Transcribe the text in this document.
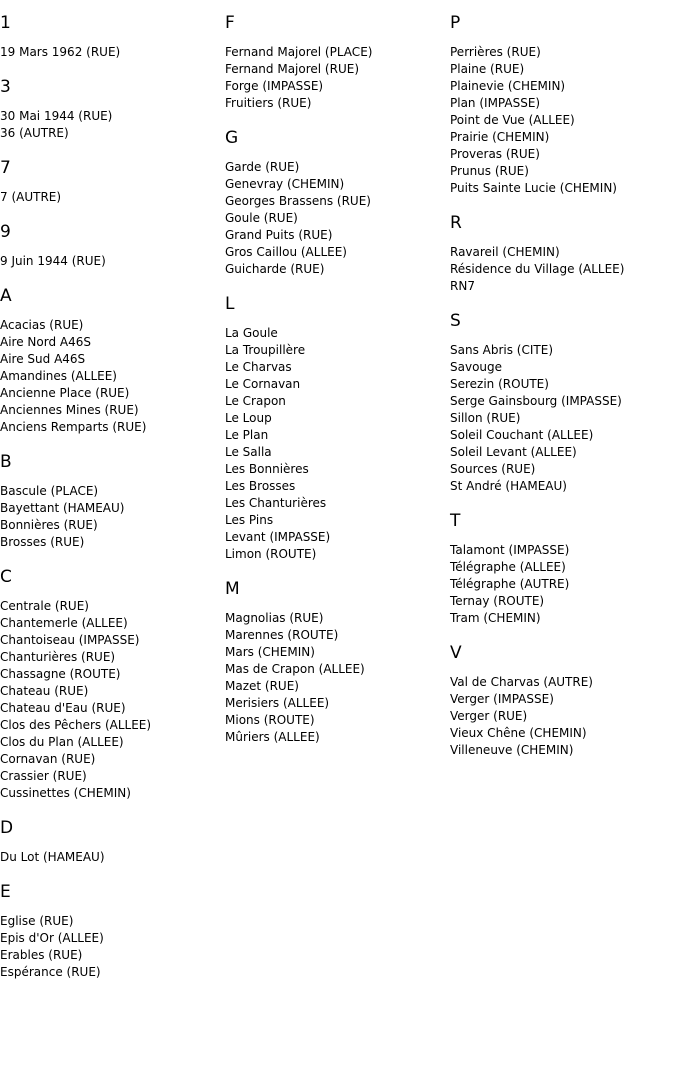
1
19 Mars 1962 (RUE)
3
30 Mai 1944 (RUE)
36 (AUTRE)
7
7 (AUTRE)
9
9 Juin 1944 (RUE)
A
Acacias (RUE)
Aire Nord A46S
Aire Sud A46S
Amandines (ALLEE)
Ancienne Place (RUE)
Anciennes Mines (RUE)
Anciens Remparts (RUE)
B
Bascule (PLACE)
Bayettant (HAMEAU)
Bonnières (RUE)
Brosses (RUE)
C
Centrale (RUE)
Chantemerle (ALLEE)
Chantoiseau (IMPASSE)
Chanturières (RUE)
Chassagne (ROUTE)
Chateau (RUE)
Chateau d'Eau (RUE)
Clos des Pêchers (ALLEE)
Clos du Plan (ALLEE)
Cornavan (RUE)
Crassier (RUE)
Cussinettes (CHEMIN)
D
Du Lot (HAMEAU)
E
Eglise (RUE)
Epis d'Or (ALLEE)
Erables (RUE)
Espérance (RUE)
F
Fernand Majorel (PLACE)
Fernand Majorel (RUE)
Forge (IMPASSE)
Fruitiers (RUE)
G
Garde (RUE)
Genevray (CHEMIN)
Georges Brassens (RUE)
Goule (RUE)
Grand Puits (RUE)
Gros Caillou (ALLEE)
Guicharde (RUE)
L
La Goule
La Troupillère
Le Charvas
Le Cornavan
Le Crapon
Le Loup
Le Plan
Le Salla
Les Bonnières
Les Brosses
Les Chanturières
Les Pins
Levant (IMPASSE)
Limon (ROUTE)
M
Magnolias (RUE)
Marennes (ROUTE)
Mars (CHEMIN)
Mas de Crapon (ALLEE)
Mazet (RUE)
Merisiers (ALLEE)
Mions (ROUTE)
Mûriers (ALLEE)
P
Perrières (RUE)
Plaine (RUE)
Plainevie (CHEMIN)
Plan (IMPASSE)
Point de Vue (ALLEE)
Prairie (CHEMIN)
Proveras (RUE)
Prunus (RUE)
Puits Sainte Lucie (CHEMIN)
R
Ravareil (CHEMIN)
Résidence du Village (ALLEE)
RN7
S
Sans Abris (CITE)
Savouge
Serezin (ROUTE)
Serge Gainsbourg (IMPASSE)
Sillon (RUE)
Soleil Couchant (ALLEE)
Soleil Levant (ALLEE)
Sources (RUE)
St André (HAMEAU)
T
Talamont (IMPASSE)
Télégraphe (ALLEE)
Télégraphe (AUTRE)
Ternay (ROUTE)
Tram (CHEMIN)
V
Val de Charvas (AUTRE)
Verger (IMPASSE)
Verger (RUE)
Vieux Chêne (CHEMIN)
Villeneuve (CHEMIN)
